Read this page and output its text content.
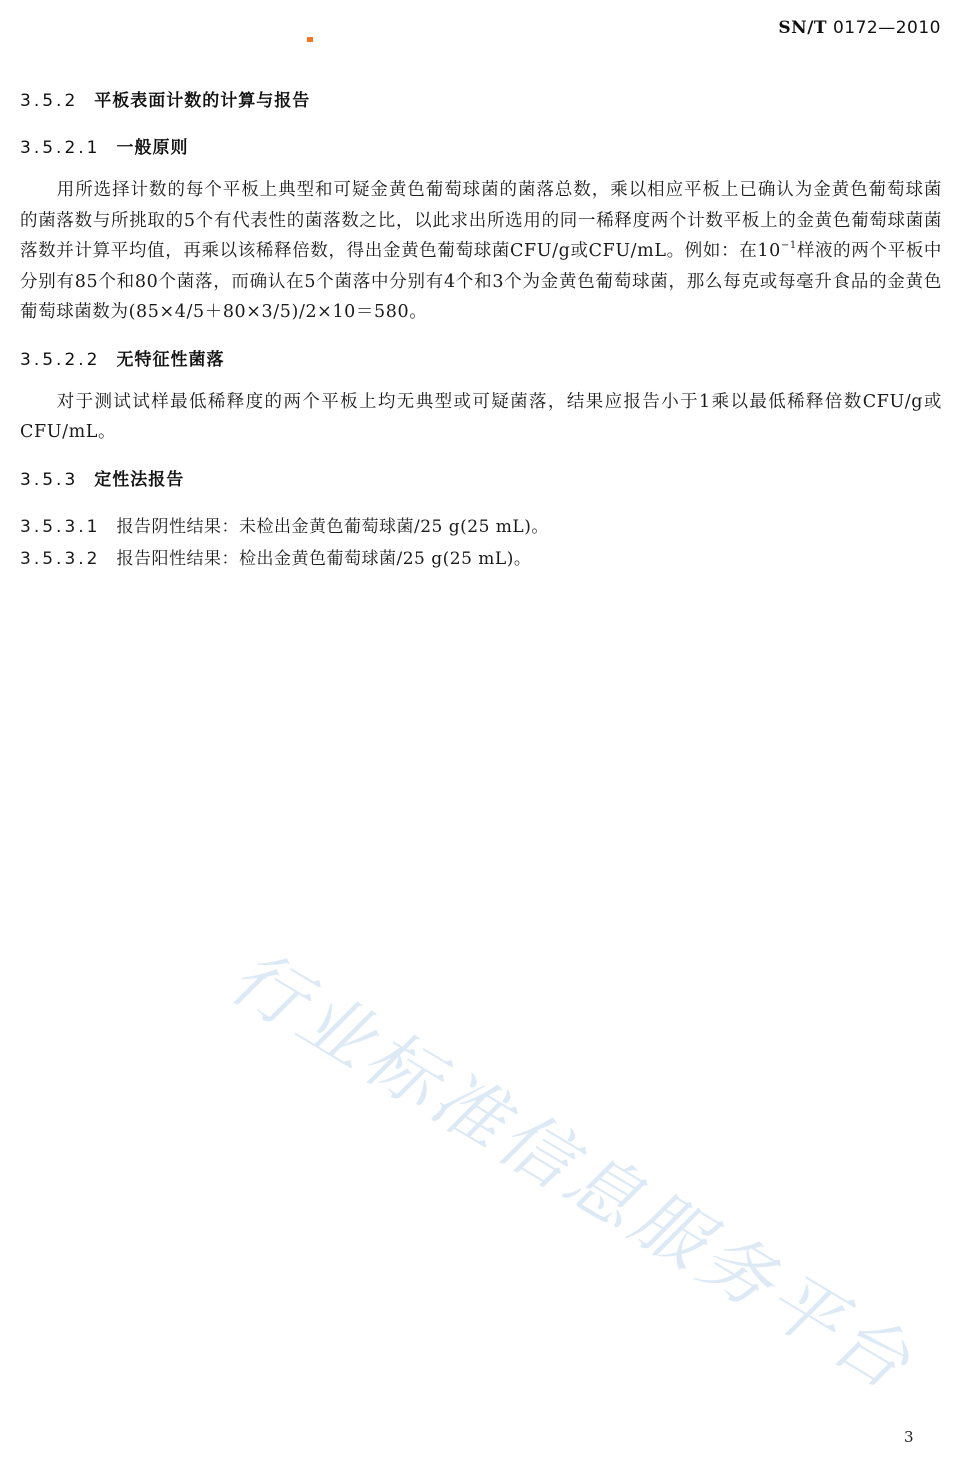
SN/T 0172—2010

3.5.2 平板表面计数的计算与报告

3.5.2.1 一般原则

用所选择计数的每个平板上典型和可疑金黄色葡萄球菌的菌落总数，乘以相应平板上已确认为金黄色葡萄球菌的菌落数与所挑取的5个有代表性的菌落数之比，以此求出所选用的同一稀释度两个计数平板上的金黄色葡萄球菌菌落数并计算平均值，再乘以该稀释倍数，得出金黄色葡萄球菌CFU/g或CFU/mL。例如：在$10^{-1}$样液的两个平板中分别有85个和80个菌落，而确认在5个菌落中分别有4个和3个为金黄色葡萄球菌，那么每克或每毫升食品的金黄色葡萄球菌数为(85×4/5＋80×3/5)/2×10＝580。

3.5.2.2 无特征性菌落

对于测试试样最低稀释度的两个平板上均无典型或可疑菌落，结果应报告小于1乘以最低稀释倍数CFU/g或CFU/mL。

3.5.3 定性法报告

3.5.3.1 报告阴性结果：未检出金黄色葡萄球菌/25 g(25 mL)。

3.5.3.2 报告阳性结果：检出金黄色葡萄球菌/25 g(25 mL)。

行业标准信息服务平台
3
